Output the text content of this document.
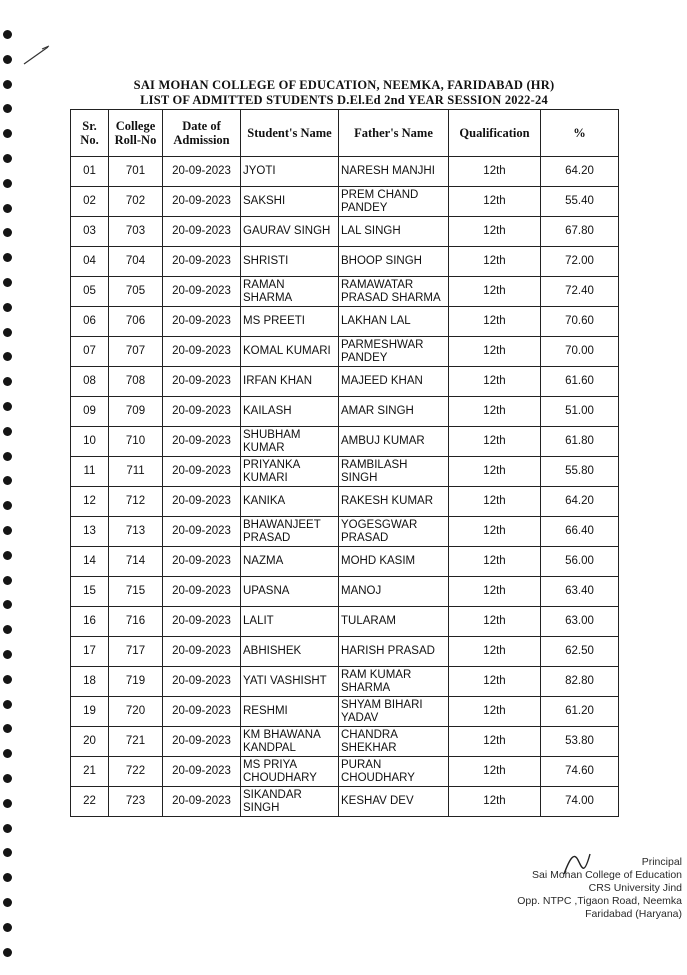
SAI MOHAN COLLEGE OF EDUCATION, NEEMKA, FARIDABAD (HR)
LIST OF ADMITTED STUDENTS D.El.Ed 2nd YEAR SESSION 2022-24
Sr. No.	College Roll-No	Date of Admission	Student's Name	Father's Name	Qualification	%
01	701	20-09-2023	JYOTI	NARESH MANJHI	12th	64.20
02	702	20-09-2023	SAKSHI	PREM CHAND PANDEY	12th	55.40
03	703	20-09-2023	GAURAV SINGH	LAL SINGH	12th	67.80
04	704	20-09-2023	SHRISTI	BHOOP SINGH	12th	72.00
05	705	20-09-2023	RAMAN SHARMA	RAMAWATAR PRASAD SHARMA	12th	72.40
06	706	20-09-2023	MS PREETI	LAKHAN LAL	12th	70.60
07	707	20-09-2023	KOMAL KUMARI	PARMESHWAR PANDEY	12th	70.00
08	708	20-09-2023	IRFAN KHAN	MAJEED KHAN	12th	61.60
09	709	20-09-2023	KAILASH	AMAR SINGH	12th	51.00
10	710	20-09-2023	SHUBHAM KUMAR	AMBUJ KUMAR	12th	61.80
11	711	20-09-2023	PRIYANKA KUMARI	RAMBILASH SINGH	12th	55.80
12	712	20-09-2023	KANIKA	RAKESH KUMAR	12th	64.20
13	713	20-09-2023	BHAWANJEET PRASAD	YOGESGWAR PRASAD	12th	66.40
14	714	20-09-2023	NAZMA	MOHD KASIM	12th	56.00
15	715	20-09-2023	UPASNA	MANOJ	12th	63.40
16	716	20-09-2023	LALIT	TULARAM	12th	63.00
17	717	20-09-2023	ABHISHEK	HARISH PRASAD	12th	62.50
18	719	20-09-2023	YATI VASHISHT	RAM KUMAR SHARMA	12th	82.80
19	720	20-09-2023	RESHMI	SHYAM BIHARI YADAV	12th	61.20
20	721	20-09-2023	KM BHAWANA KANDPAL	CHANDRA SHEKHAR	12th	53.80
21	722	20-09-2023	MS PRIYA CHOUDHARY	PURAN CHOUDHARY	12th	74.60
22	723	20-09-2023	SIKANDAR SINGH	KESHAV DEV	12th	74.00
Principal
Sai Mohan College of Education
CRS University Jind
Opp. NTPC ,Tigaon Road, Neemka
Faridabad (Haryana)
